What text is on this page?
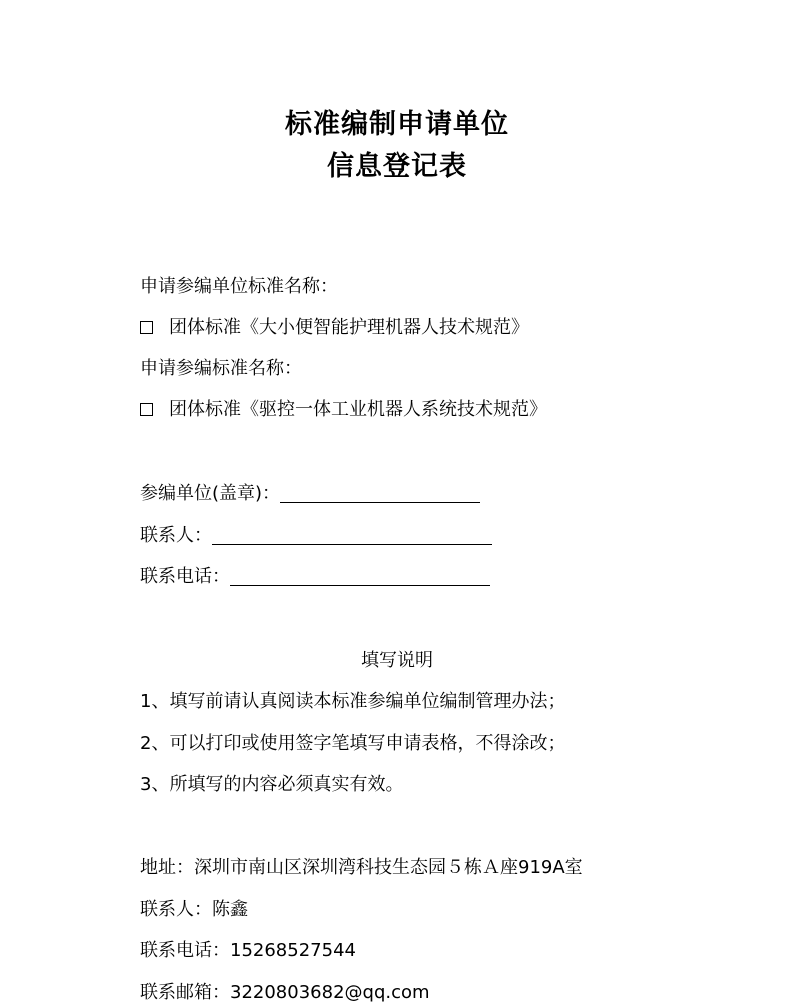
标准编制申请单位
信息登记表
申请参编单位标准名称：
团体标准《大小便智能护理机器人技术规范》
申请参编标准名称：
团体标准《驱控一体工业机器人系统技术规范》
参编单位(盖章)：
联系人：
联系电话：
填写说明
1、填写前请认真阅读本标准参编单位编制管理办法；
2、可以打印或使用签字笔填写申请表格，不得涂改；
3、所填写的内容必须真实有效。
地址：深圳市南山区深圳湾科技生态园５栋Ａ座919A室
联系人：陈鑫
联系电话：15268527544
联系邮箱：3220803682@qq.com
